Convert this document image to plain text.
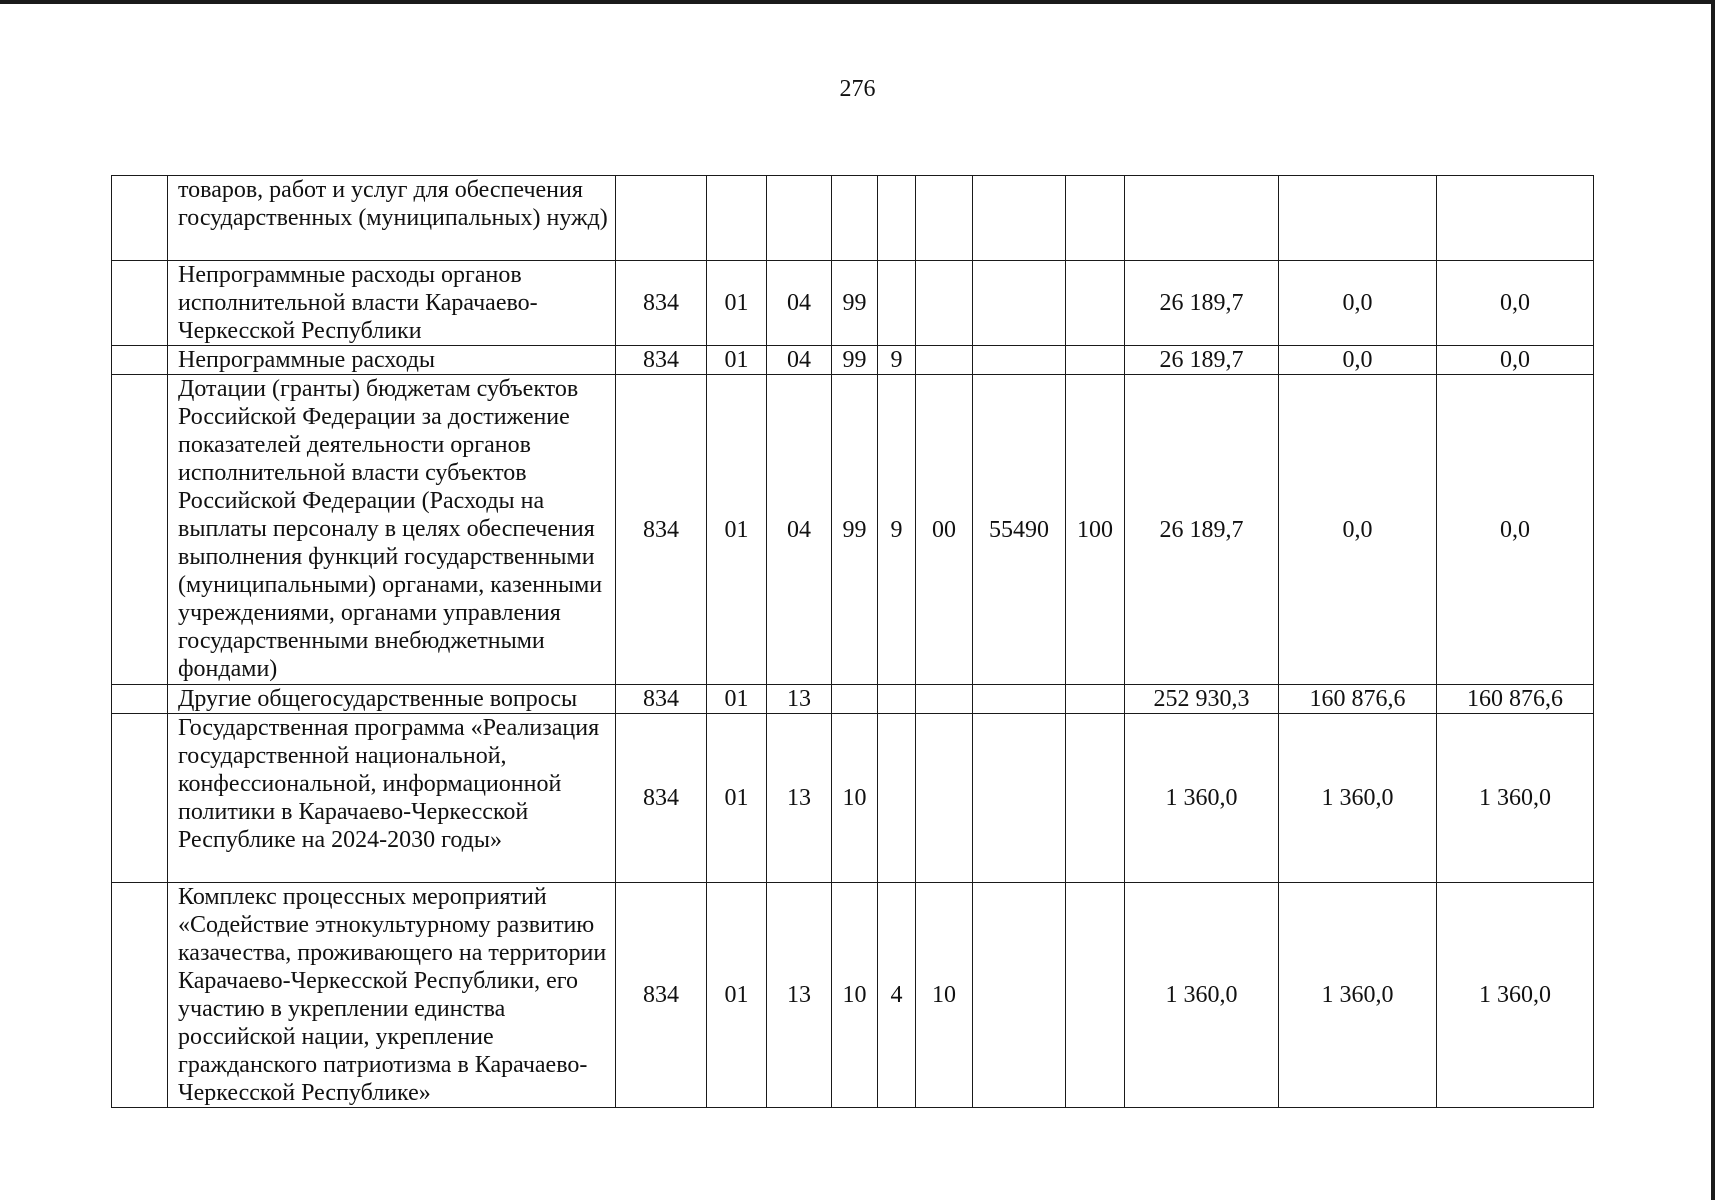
276
	товаров, работ и услуг для обеспечения государственных (муниципальных) нужд)											
	Непрограммные расходы органов исполнительной власти Карачаево-Черкесской Республики	834	01	04	99					26 189,7	0,0	0,0
	Непрограммные расходы	834	01	04	99	9				26 189,7	0,0	0,0
	Дотации (гранты) бюджетам субъектов Российской Федерации за достижение показателей деятельности органов исполнительной власти субъектов Российской Федерации (Расходы на выплаты персоналу в целях обеспечения выполнения функций государственными (муниципальными) органами, казенными учреждениями, органами управления государственными внебюджетными фондами)	834	01	04	99	9	00	55490	100	26 189,7	0,0	0,0
	Другие общегосударственные вопросы	834	01	13						252 930,3	160 876,6	160 876,6
	Государственная программа «Реализация государственной национальной, конфессиональной, информационной политики в Карачаево-Черкесской Республике на 2024-2030 годы»	834	01	13	10					1 360,0	1 360,0	1 360,0
	Комплекс процессных мероприятий «Содействие этнокультурному развитию казачества, проживающего на территории Карачаево-Черкесской Республики, его участию в укреплении единства российской нации, укрепление гражданского патриотизма в Карачаево-Черкесской Республике»	834	01	13	10	4	10			1 360,0	1 360,0	1 360,0
